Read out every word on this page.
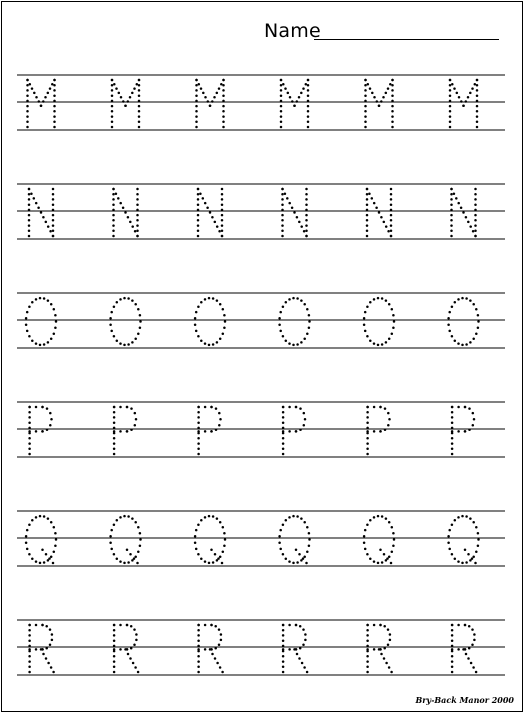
Name
Bry-Back Manor 2000
